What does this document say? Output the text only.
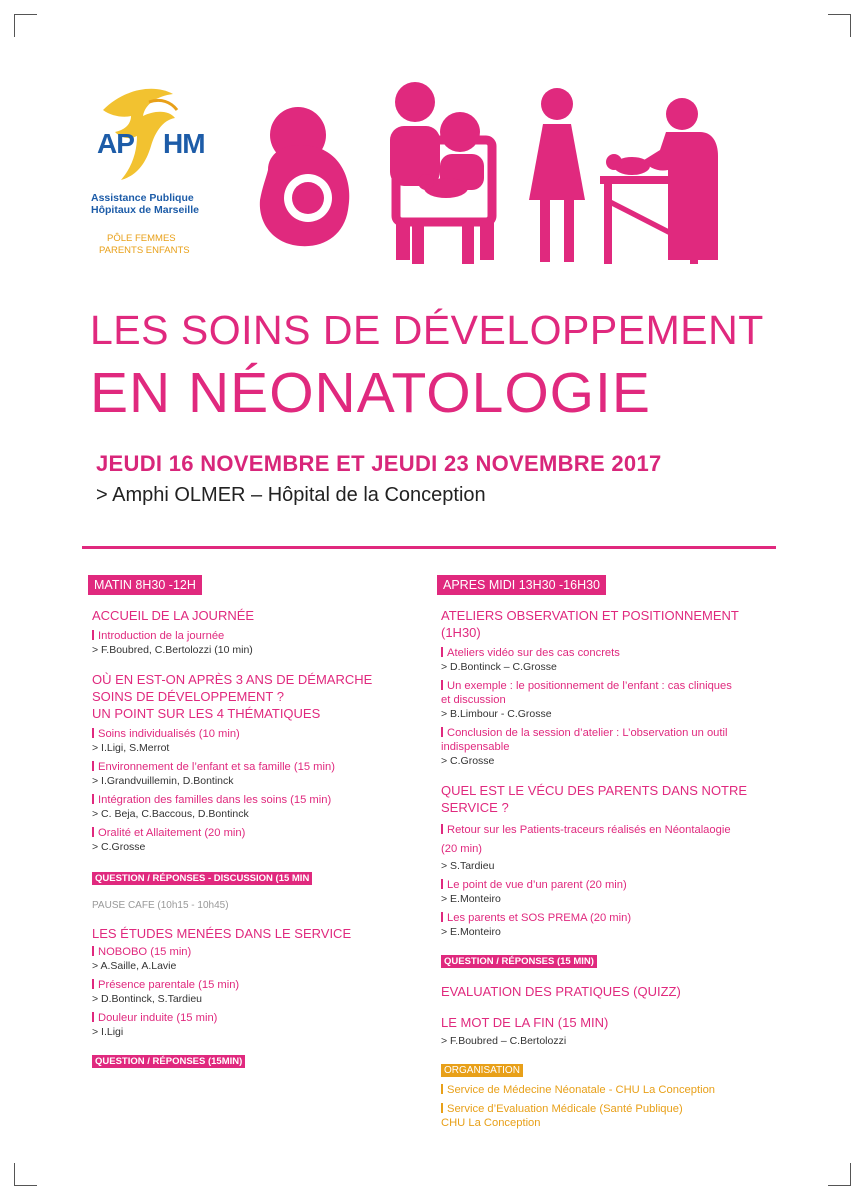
AP HM
Assistance Publique
Hôpitaux de Marseille
PÔLE FEMMES
PARENTS ENFANTS
LES SOINS DE DÉVELOPPEMENT
EN NÉONATOLOGIE
JEUDI 16 NOVEMBRE ET JEUDI 23 NOVEMBRE 2017
> Amphi OLMER – Hôpital de la Conception
MATIN 8H30 -12H
ACCUEIL DE LA JOURNÉE
Introduction de la journée
> F.Boubred, C.Bertolozzi (10 min)
OÙ EN EST-ON APRÈS 3 ANS DE DÉMARCHE
SOINS DE DÉVELOPPEMENT ?
UN POINT SUR LES 4 THÉMATIQUES
Soins individualisés (10 min)
> I.Ligi, S.Merrot
Environnement de l’enfant et sa famille (15 min)
> I.Grandvuillemin, D.Bontinck
Intégration des familles dans les soins (15 min)
> C. Beja, C.Baccous, D.Bontinck
Oralité et Allaitement (20 min)
> C.Grosse
QUESTION / RÉPONSES - DISCUSSION (15 MIN
PAUSE CAFE (10h15 - 10h45)
LES ÉTUDES MENÉES DANS LE SERVICE
NOBOBO (15 min)
> A.Saille, A.Lavie
Présence parentale (15 min)
> D.Bontinck, S.Tardieu
Douleur induite (15 min)
> I.Ligi
QUESTION / RÉPONSES (15MIN)
APRES MIDI 13H30 -16H30
ATELIERS OBSERVATION ET POSITIONNEMENT
(1H30)
Ateliers vidéo sur des cas concrets
> D.Bontinck – C.Grosse
Un exemple : le positionnement de l’enfant : cas cliniques
et discussion
> B.Limbour - C.Grosse
Conclusion de la session d’atelier : L’observation un outil
indispensable
> C.Grosse
QUEL EST LE VÉCU DES PARENTS DANS NOTRE
SERVICE ?
Retour sur les Patients-traceurs réalisés en Néontalaogie
(20 min)
> S.Tardieu
Le point de vue d’un parent (20 min)
> E.Monteiro
Les parents et SOS PREMA (20 min)
> E.Monteiro
QUESTION / RÉPONSES (15 MIN)
EVALUATION DES PRATIQUES (QUIZZ)
LE MOT DE LA FIN (15 MIN)
> F.Boubred – C.Bertolozzi
ORGANISATION
Service de Médecine Néonatale - CHU La Conception
Service d’Evaluation Médicale (Santé Publique)
CHU La Conception
